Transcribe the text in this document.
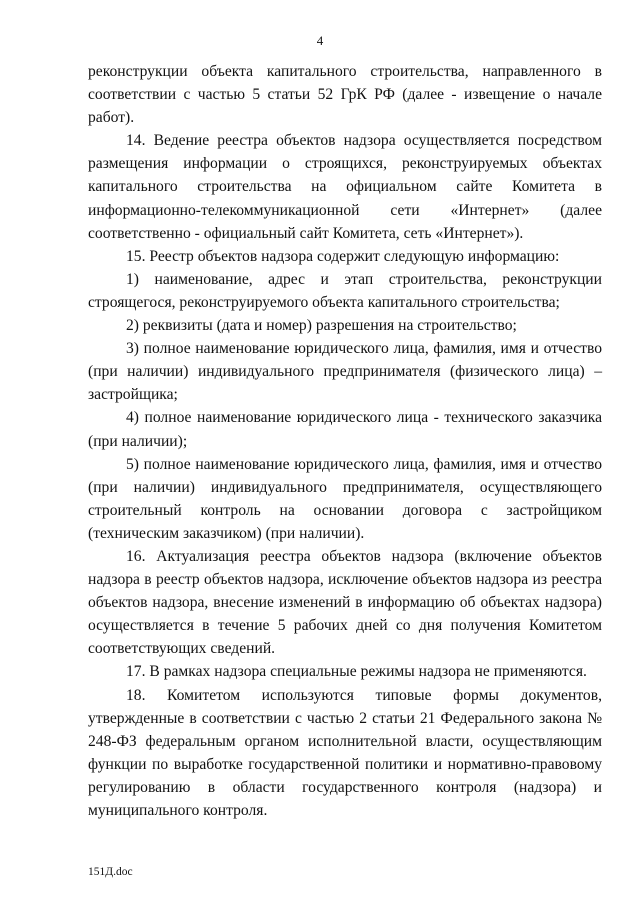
4

реконструкции объекта капитального строительства, направленного в соответствии с частью 5 статьи 52 ГрК РФ (далее - извещение о начале работ).

14. Ведение реестра объектов надзора осуществляется посредством размещения информации о строящихся, реконструируемых объектах капитального строительства на официальном сайте Комитета в информационно-телекоммуникационной сети «Интернет» (далее соответственно - официальный сайт Комитета, сеть «Интернет»).

15. Реестр объектов надзора содержит следующую информацию:

1) наименование, адрес и этап строительства, реконструкции строящегося, реконструируемого объекта капитального строительства;

2) реквизиты (дата и номер) разрешения на строительство;

3) полное наименование юридического лица, фамилия, имя и отчество (при наличии) индивидуального предпринимателя (физического лица) – застройщика;

4) полное наименование юридического лица - технического заказчика (при наличии);

5) полное наименование юридического лица, фамилия, имя и отчество (при наличии) индивидуального предпринимателя, осуществляющего строительный контроль на основании договора с застройщиком (техническим заказчиком) (при наличии).

16. Актуализация реестра объектов надзора (включение объектов надзора в реестр объектов надзора, исключение объектов надзора из реестра объектов надзора, внесение изменений в информацию об объектах надзора) осуществляется в течение 5 рабочих дней со дня получения Комитетом соответствующих сведений.

17. В рамках надзора специальные режимы надзора не применяются.

18. Комитетом используются типовые формы документов, утвержденные в соответствии с частью 2 статьи 21 Федерального закона № 248-ФЗ федеральным органом исполнительной власти, осуществляющим функции по выработке государственной политики и нормативно-правовому регулированию в области государственного контроля (надзора) и муниципального контроля.

151Д.doc
